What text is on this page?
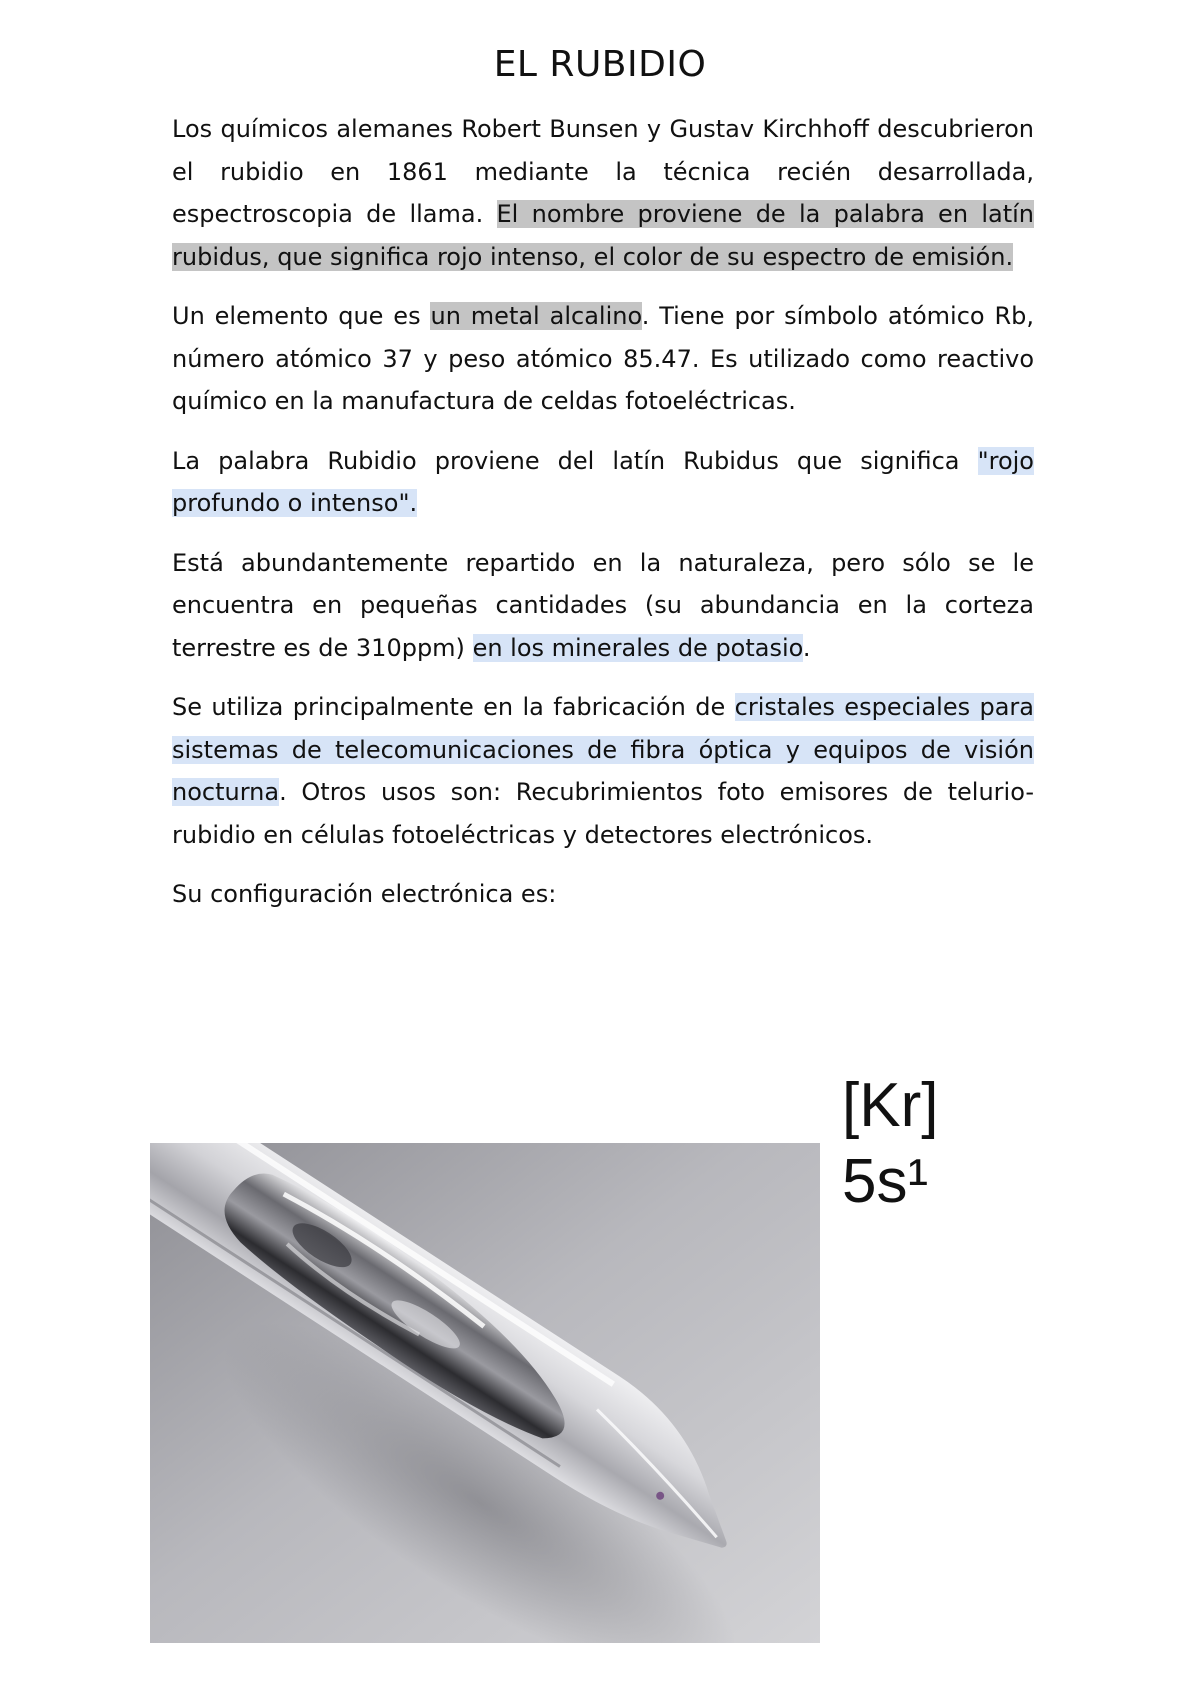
EL RUBIDIO

Los químicos alemanes Robert Bunsen y Gustav Kirchhoff descubrieron el rubidio en 1861 mediante la técnica recién desarrollada, espectroscopia de llama. El nombre proviene de la palabra en latín rubidus, que significa rojo intenso, el color de su espectro de emisión.

Un elemento que es un metal alcalino. Tiene por símbolo atómico Rb, número atómico 37 y peso atómico 85.47. Es utilizado como reactivo químico en la manufactura de celdas fotoeléctricas.

La palabra Rubidio proviene del latín Rubidus que significa "rojo profundo o intenso".

Está abundantemente repartido en la naturaleza, pero sólo se le encuentra en pequeñas cantidades (su abundancia en la corteza terrestre es de 310ppm) en los minerales de potasio.

Se utiliza principalmente en la fabricación de cristales especiales para sistemas de telecomunicaciones de fibra óptica y equipos de visión nocturna. Otros usos son: Recubrimientos foto emisores de telurio-rubidio en células fotoeléctricas y detectores electrónicos.

Su configuración electrónica es:

[Kr]
5s¹
